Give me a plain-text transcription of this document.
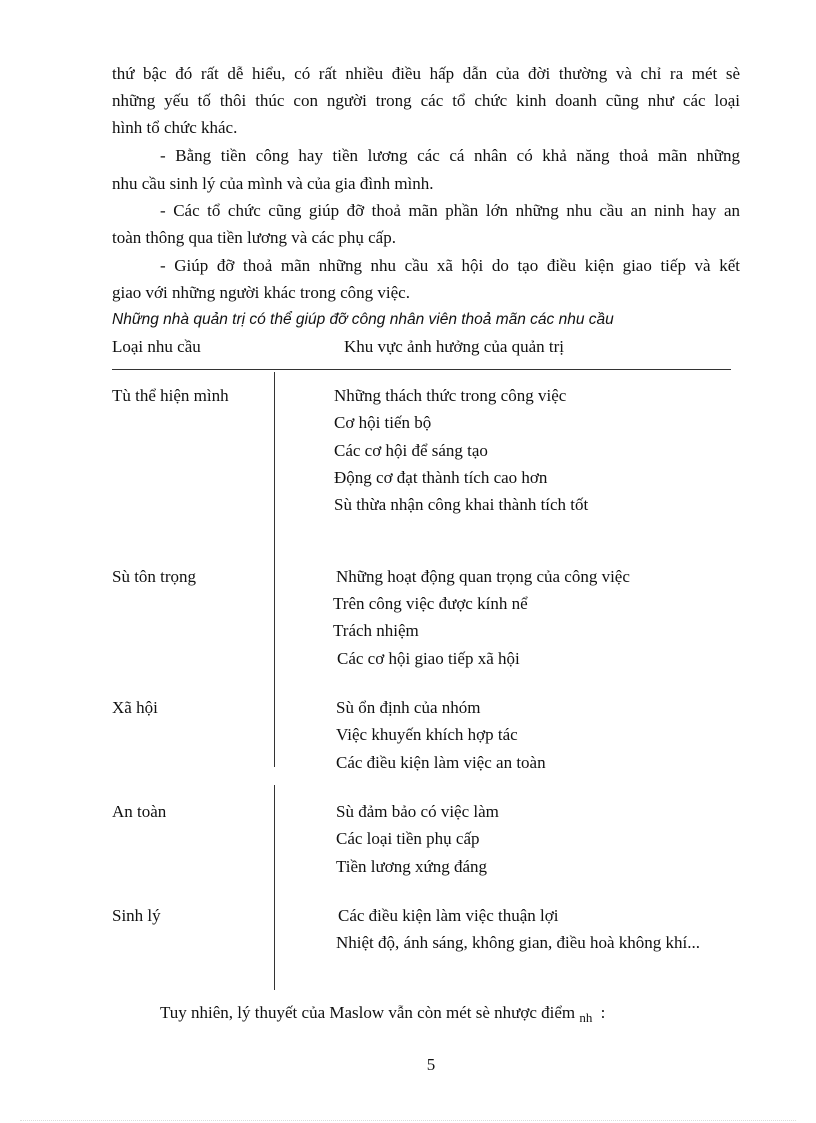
thứ bậc đó rất dễ hiểu, có rất nhiều điều hấp dẫn của đời thường và chỉ ra mét sè
những yếu tố thôi thúc con người trong các tổ chức kinh doanh cũng như các loại
hình tổ chức khác.
- Bằng tiền công hay tiền lương các cá nhân có khả năng thoả mãn những
nhu cầu sinh lý của mình và của gia đình mình.
- Các tổ chức cũng giúp đỡ thoả mãn phần lớn những nhu cầu an ninh hay an
toàn thông qua tiền lương và các phụ cấp.
- Giúp đỡ thoả mãn những nhu cầu xã hội do tạo điều kiện giao tiếp và kết
giao với những người khác trong công việc.
Những nhà quản trị có thể giúp đỡ công nhân viên thoả mãn các nhu cầu
Loại nhu cầu	Khu vực ảnh hưởng của quản trị
Tù thể hiện mình	Những thách thức trong công việc
Cơ hội tiến bộ
Các cơ hội để sáng tạo
Động cơ đạt thành tích cao hơn
Sù thừa nhận công khai thành tích tốt
Sù tôn trọng	Những hoạt động quan trọng của công việc
Trên công việc được kính nể
Trách nhiệm
Các cơ hội giao tiếp xã hội
Xã hội	Sù ổn định của nhóm
Việc khuyến khích hợp tác
Các điều kiện làm việc an toàn
An toàn	Sù đảm bảo có việc làm
Các loại tiền phụ cấp
Tiền lương xứng đáng
Sinh lý	Các điều kiện làm việc thuận lợi
Nhiệt độ, ánh sáng, không gian, điều hoà không khí...
Tuy nhiên, lý thuyết của Maslow vẫn còn mét sè nhược điểm $_{nh}$ :
5
